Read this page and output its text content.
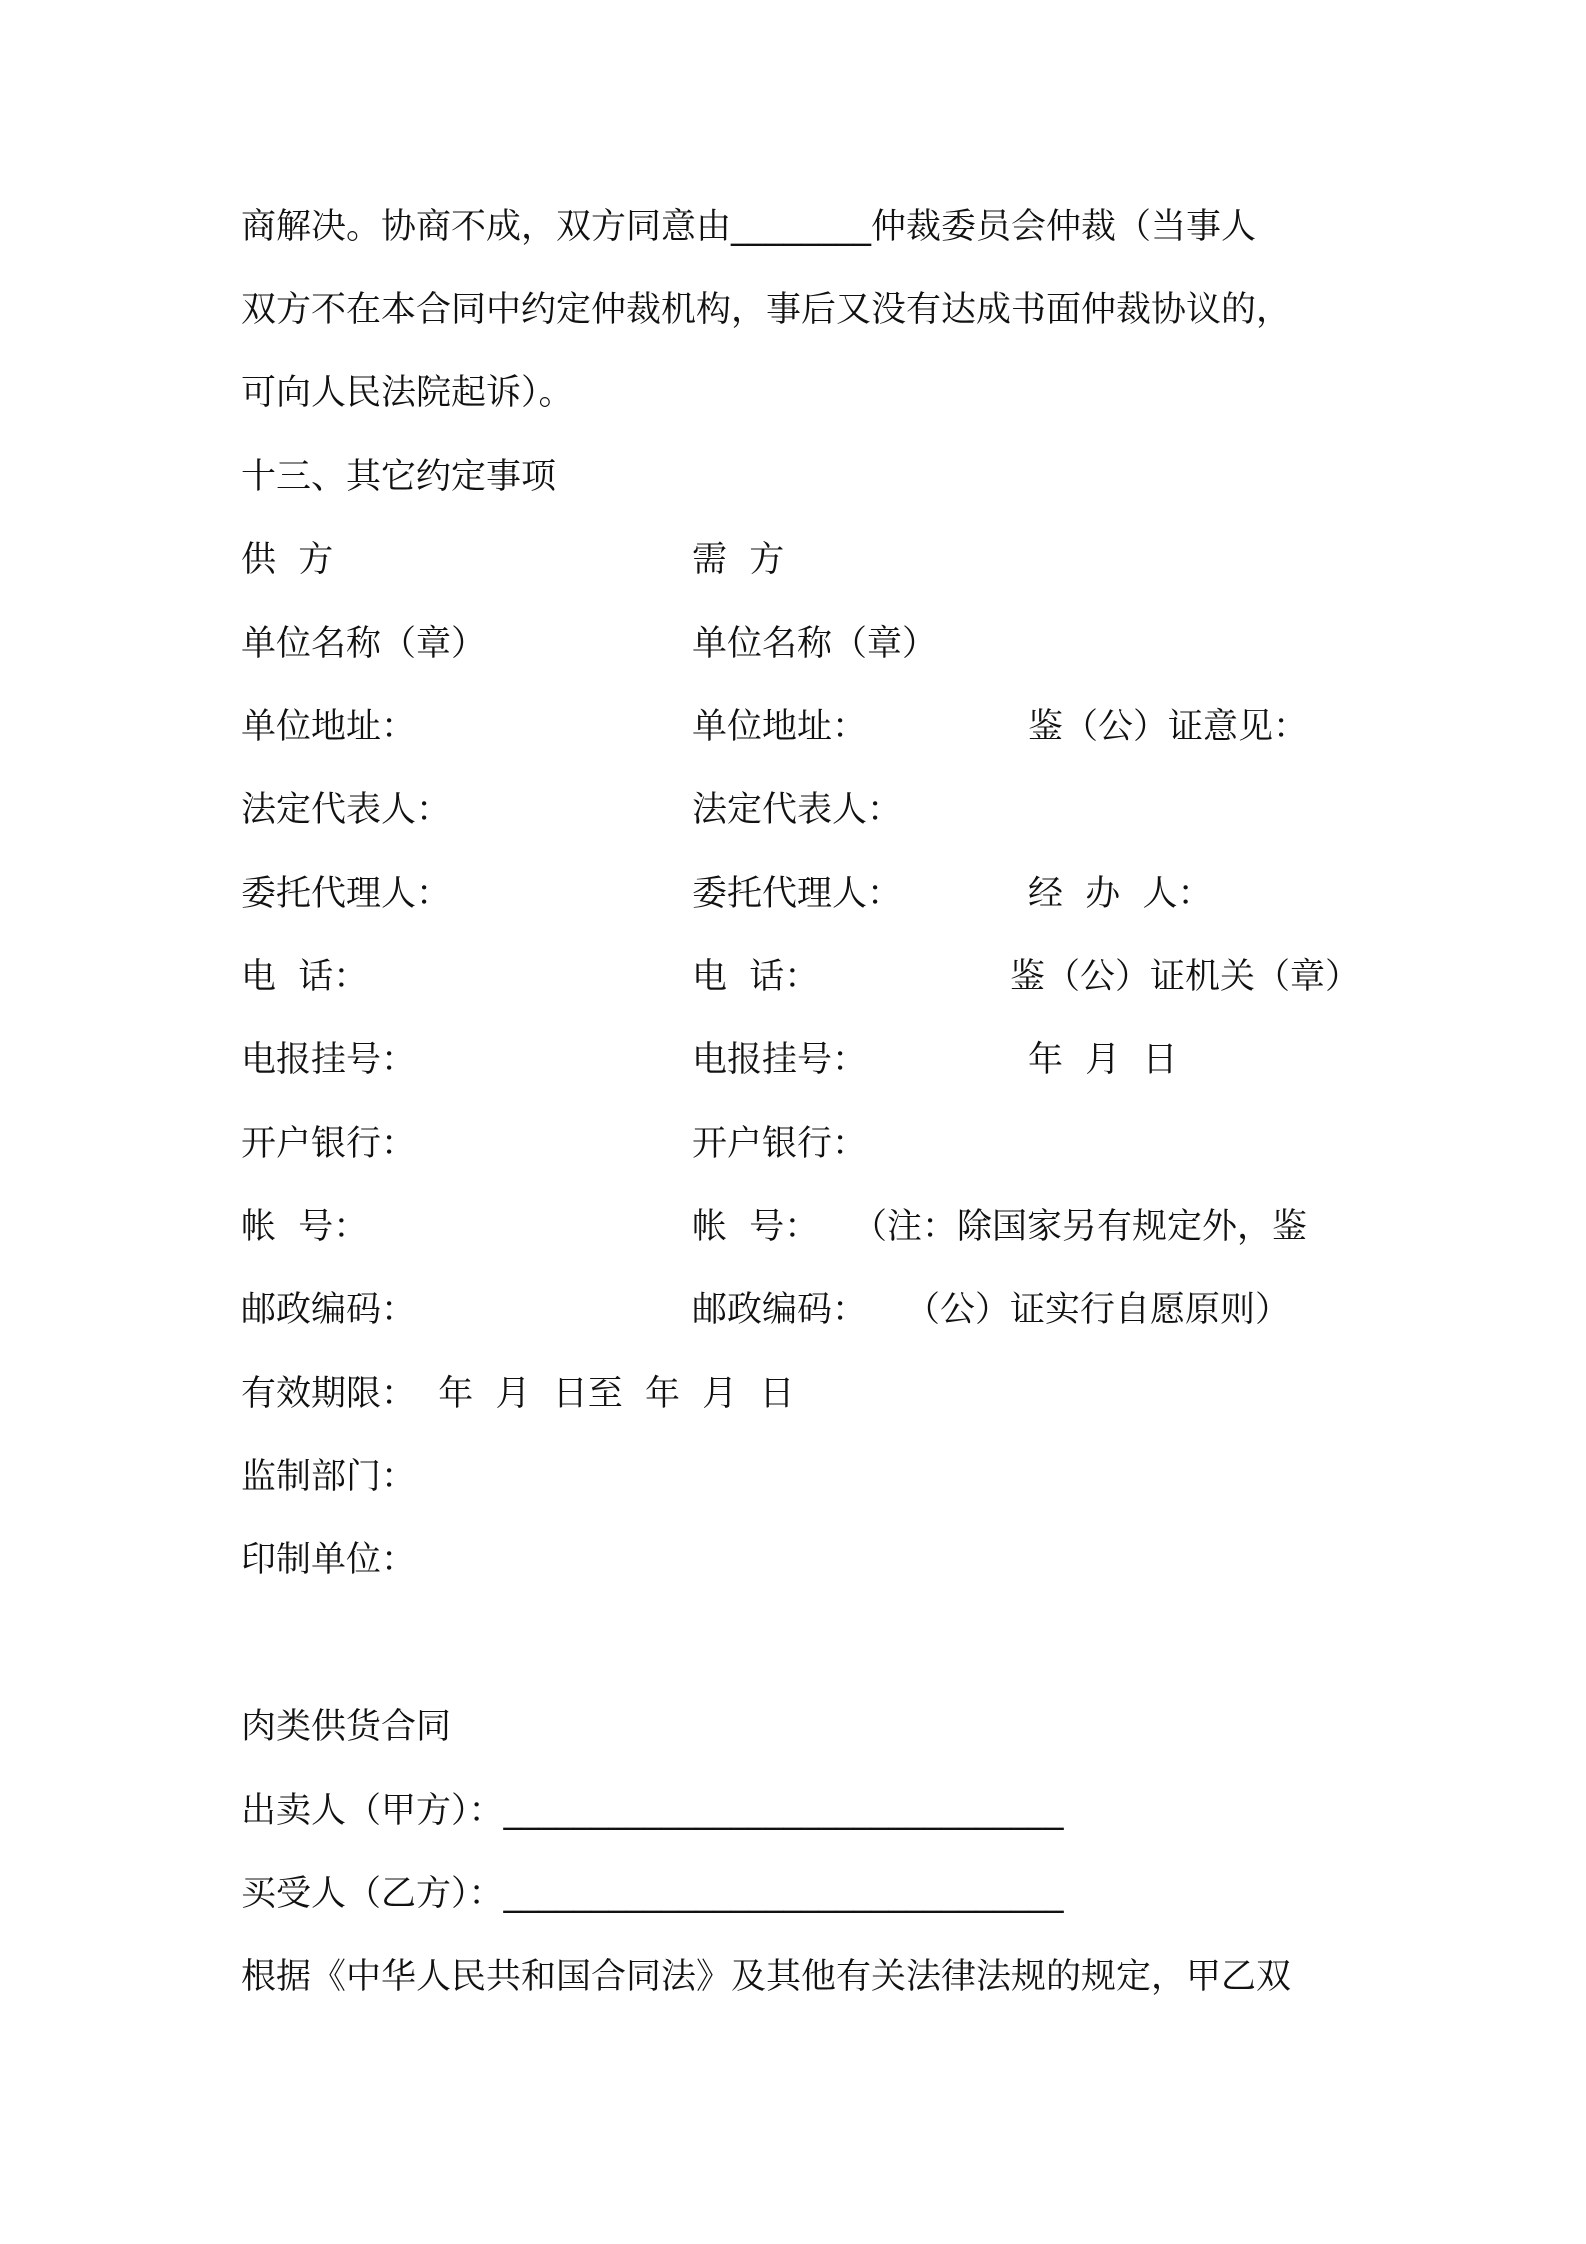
商解决。协商不成，双方同意由________仲裁委员会仲裁（当事人
双方不在本合同中约定仲裁机构，事后又没有达成书面仲裁协议的，
可向人民法院起诉）。
十三、其它约定事项
供  方
单位名称（章）
单位地址：
法定代表人：
委托代理人：
电  话：
电报挂号：
开户银行：
帐  号：
邮政编码：
需  方
单位名称（章）
单位地址：
法定代表人：
委托代理人：
电  话：
电报挂号：
开户银行：
帐  号：
邮政编码：
鉴（公）证意见：
经  办  人：
鉴（公）证机关（章）
年  月  日
（注：除国家另有规定外，鉴
（公）证实行自愿原则）
有效期限：  年  月  日至  年  月  日
监制部门：
印制单位：
肉类供货合同
出卖人（甲方）：________________________________
买受人（乙方）：________________________________
根据《中华人民共和国合同法》及其他有关法律法规的规定，甲乙双
